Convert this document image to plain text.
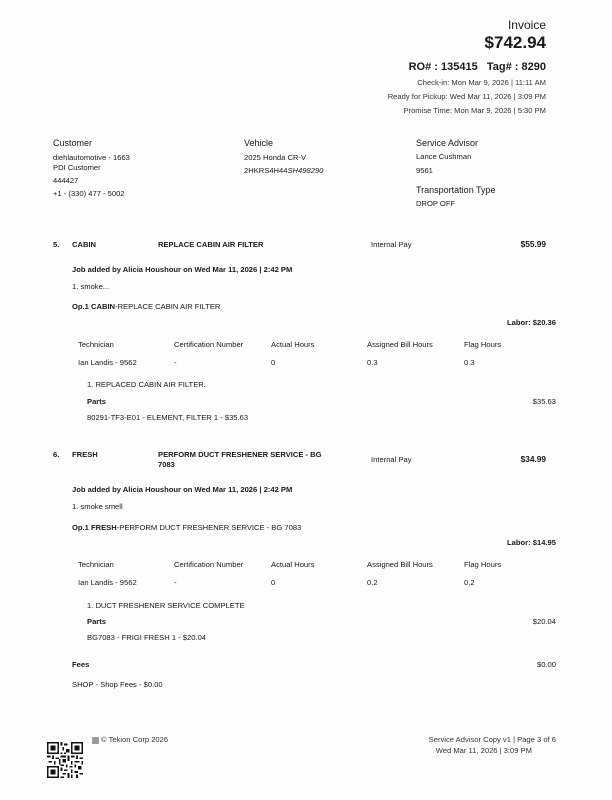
Invoice
$742.94
RO# : 135415 Tag# : 8290
Check-in: Mon Mar 9, 2026 | 11:11 AM
Ready for Pickup: Wed Mar 11, 2026 | 3:09 PM
Promise Time: Mon Mar 9, 2026 | 5:30 PM
Customer
diehlautomotive - 1663
PDI Customer
444427
+1 - (330) 477 - 5002
Vehicle
2025 Honda CR-V
2HKRS4H44SH498290
Service Advisor
Lance Cushman
9561
Transportation Type
DROP OFF
5. CABIN	REPLACE CABIN AIR FILTER	Internal Pay	$55.99
Job added by Alicia Houshour on Wed Mar 11, 2026 | 2:42 PM
1. smoke...
Op.1 CABIN-REPLACE CABIN AIR FILTER
Labor: $20.36
Technician	Certification Number	Actual Hours	Assigned Bill Hours	Flag Hours
Ian Landis - 9562	-	0	0.3	0.3
1. REPLACED CABIN AIR FILTER.
Parts	$35.63
80291-TF3-E01 - ELEMENT, FILTER 1 - $35.63
6. FRESH	PERFORM DUCT FRESHENER SERVICE - BG
7083
Internal Pay	$34.99
Job added by Alicia Houshour on Wed Mar 11, 2026 | 2:42 PM
1. smoke smell
Op.1 FRESH-PERFORM DUCT FRESHENER SERVICE - BG 7083
Labor: $14.95
Technician	Certification Number	Actual Hours	Assigned Bill Hours	Flag Hours
Ian Landis - 9562	-	0	0.2	0.2
1. DUCT FRESHENER SERVICE COMPLETE
Parts	$20.04
BG7083 - FRIGI FRESH 1 - $20.04
Fees	$0.00
SHOP - Shop Fees - $0.00
© Tekion Corp 2026	Service Advisor Copy v1 | Page 3 of 6
Wed Mar 11, 2026 | 3:09 PM
